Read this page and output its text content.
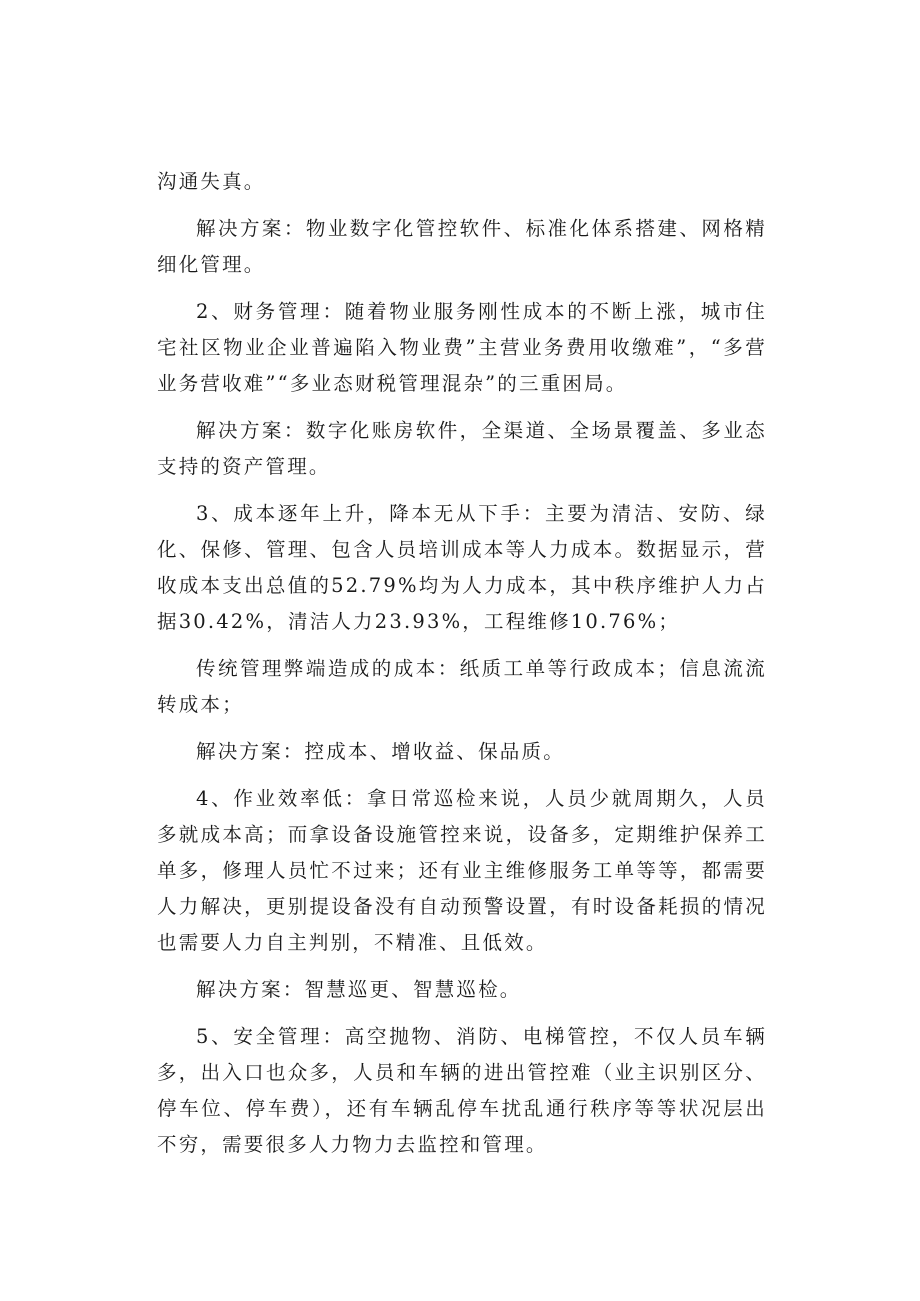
沟通失真。

解决方案：物业数字化管控软件、标准化体系搭建、网格精细化管理。

2、财务管理：随着物业服务刚性成本的不断上涨，城市住宅社区物业企业普遍陷入物业费”主营业务费用收缴难”，“多营业务营收难”“多业态财税管理混杂”的三重困局。

解决方案：数字化账房软件，全渠道、全场景覆盖、多业态支持的资产管理。

3、成本逐年上升，降本无从下手：主要为清洁、安防、绿化、保修、管理、包含人员培训成本等人力成本。数据显示，营收成本支出总值的52.79%均为人力成本，其中秩序维护人力占据30.42%，清洁人力23.93%，工程维修10.76%；

传统管理弊端造成的成本：纸质工单等行政成本；信息流流转成本；

解决方案：控成本、增收益、保品质。

4、作业效率低：拿日常巡检来说，人员少就周期久，人员多就成本高；而拿设备设施管控来说，设备多，定期维护保养工单多，修理人员忙不过来；还有业主维修服务工单等等，都需要人力解决，更别提设备没有自动预警设置，有时设备耗损的情况也需要人力自主判别，不精准、且低效。

解决方案：智慧巡更、智慧巡检。

5、安全管理：高空抛物、消防、电梯管控，不仅人员车辆多，出入口也众多，人员和车辆的进出管控难（业主识别区分、停车位、停车费），还有车辆乱停车扰乱通行秩序等等状况层出不穷，需要很多人力物力去监控和管理。
